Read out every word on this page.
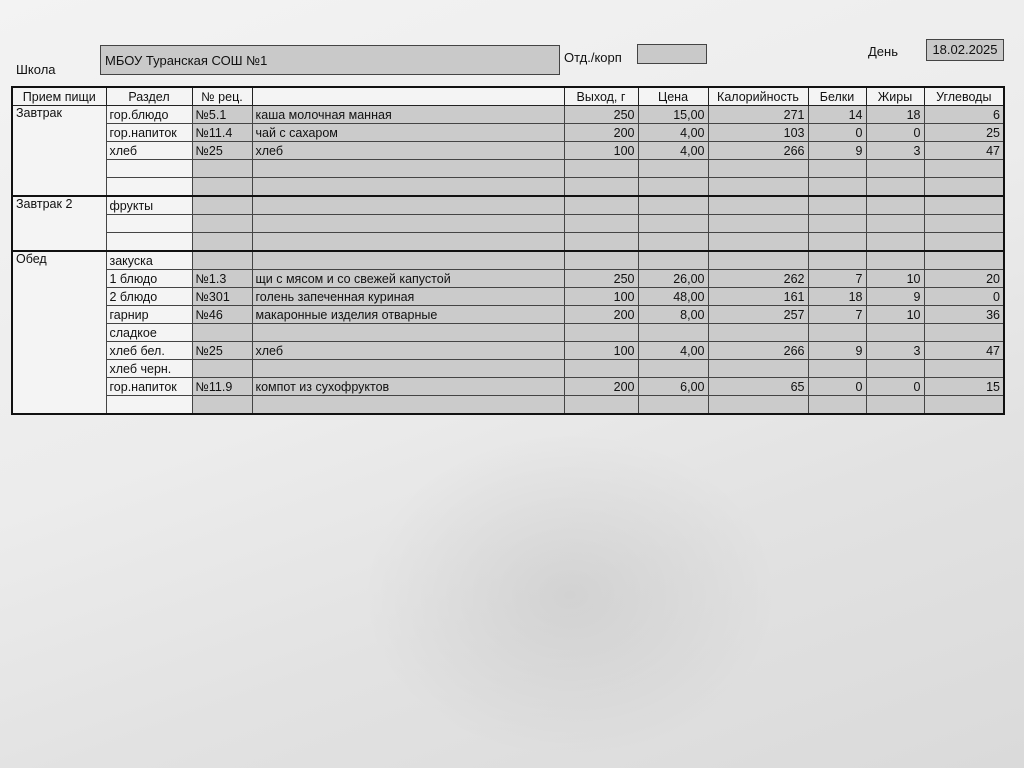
Школа
МБОУ Туранская СОШ №1	Отд./корп	День	18.02.2025
Прием пищи	Раздел	№ рец.		Выход, г	Цена	Калорийность	Белки	Жиры	Углеводы
Завтрак	гор.блюдо	№5.1	каша молочная манная	250	15,00	271	14	18	6
	гор.напиток	№11.4	чай с сахаром	200	4,00	103	0	0	25
	хлеб	№25	хлеб	100	4,00	266	9	3	47

Завтрак 2	фрукты								

Обед	закуска								
	1 блюдо	№1.3	щи с мясом и со свежей капустой	250	26,00	262	7	10	20
	2 блюдо	№301	голень запеченная куриная	100	48,00	161	18	9	0
	гарнир	№46	макаронные изделия отварные	200	8,00	257	7	10	36
	сладкое								
	хлеб бел.	№25	хлеб	100	4,00	266	9	3	47
	хлеб черн.								
	гор.напиток	№11.9	компот из сухофруктов	200	6,00	65	0	0	15
